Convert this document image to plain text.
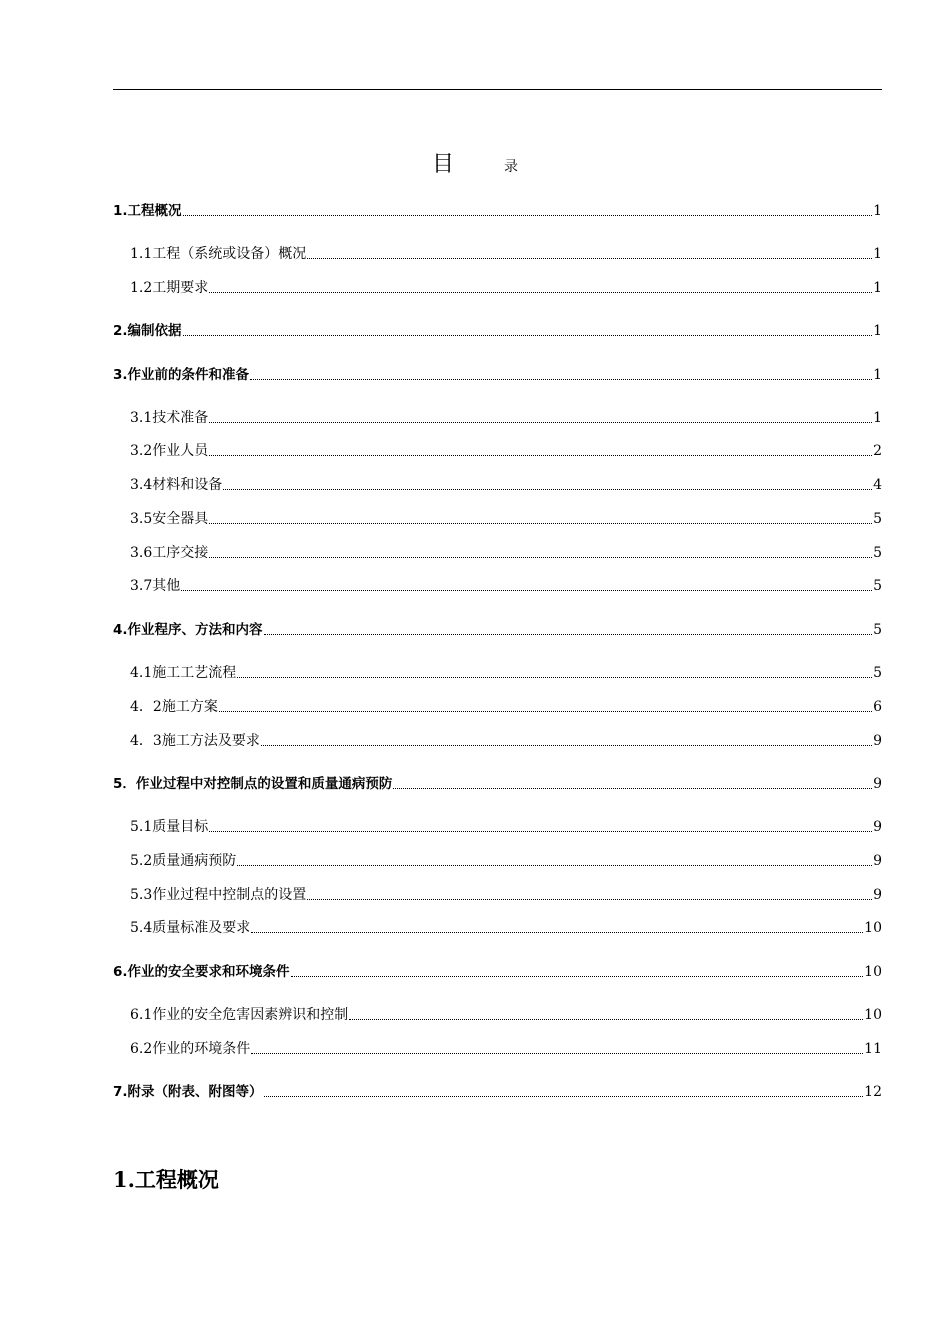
目	录
1.工程概况	1
1.1工程（系统或设备）概况	1
1.2工期要求	1
2.编制依据	1
3.作业前的条件和准备	1
3.1技术准备	1
3.2作业人员	2
3.4材料和设备	4
3.5安全器具	5
3.6工序交接	5
3.7其他	5
4.作业程序、方法和内容	5
4.1施工工艺流程	5
4．2施工方案	6
4．3施工方法及要求	9
5．作业过程中对控制点的设置和质量通病预防	9
5.1质量目标	9
5.2质量通病预防	9
5.3作业过程中控制点的设置	9
5.4质量标准及要求	10
6.作业的安全要求和环境条件	10
6.1作业的安全危害因素辨识和控制	10
6.2作业的环境条件	11
7.附录（附表、附图等）	12
1.工程概况
